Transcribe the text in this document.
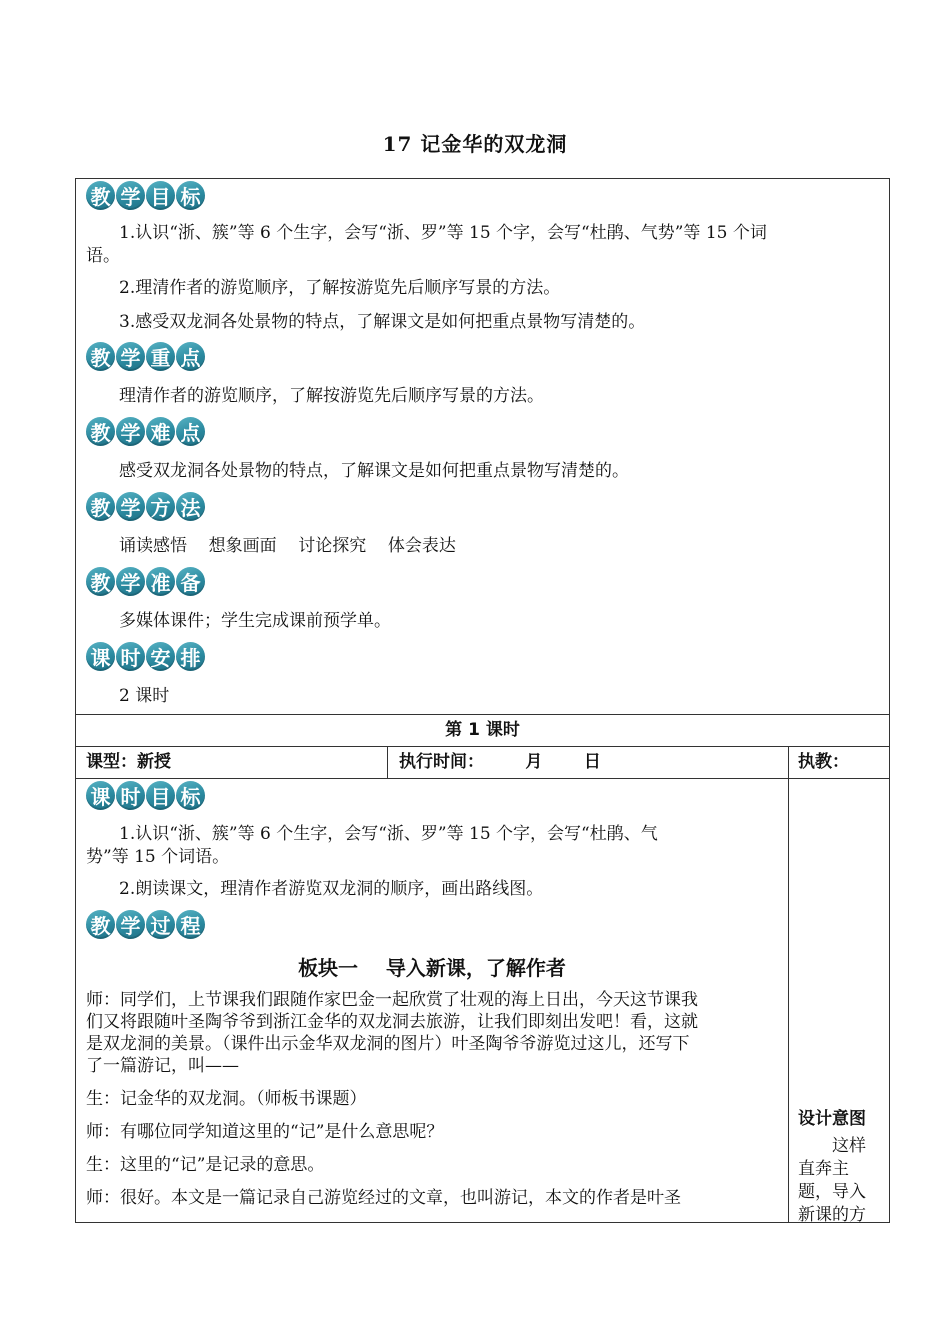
17 记金华的双龙洞
教 学 目 标
1.认识“浙、簇”等 6 个生字，会写“浙、罗”等 15 个字，会写“杜鹃、气势”等 15 个词
语。
2.理清作者的游览顺序，了解按游览先后顺序写景的方法。
3.感受双龙洞各处景物的特点，了解课文是如何把重点景物写清楚的。
教 学 重 点
理清作者的游览顺序，了解按游览先后顺序写景的方法。
教 学 难 点
感受双龙洞各处景物的特点，了解课文是如何把重点景物写清楚的。
教 学 方 法
诵读感悟    想象画面    讨论探究    体会表达
教 学 准 备
多媒体课件；学生完成课前预学单。
课 时 安 排
2 课时
第 1 课时
课型：新授	执行时间：       月       日	执教：
课 时 目 标
1.认识“浙、簇”等 6 个生字，会写“浙、罗”等 15 个字，会写“杜鹃、气
势”等 15 个词语。
2.朗读课文，理清作者游览双龙洞的顺序，画出路线图。
教 学 过 程
板块一    导入新课，了解作者
师：同学们，上节课我们跟随作家巴金一起欣赏了壮观的海上日出，今天这节课我
们又将跟随叶圣陶爷爷到浙江金华的双龙洞去旅游，让我们即刻出发吧！看，这就
是双龙洞的美景。（课件出示金华双龙洞的图片）叶圣陶爷爷游览过这儿，还写下
了一篇游记，叫——
生：记金华的双龙洞。（师板书课题）
师：有哪位同学知道这里的“记”是什么意思呢？
生：这里的“记”是记录的意思。
师：很好。本文是一篇记录自己游览经过的文章，也叫游记，本文的作者是叶圣
设计意图
这样直奔主题，导入新课的方
